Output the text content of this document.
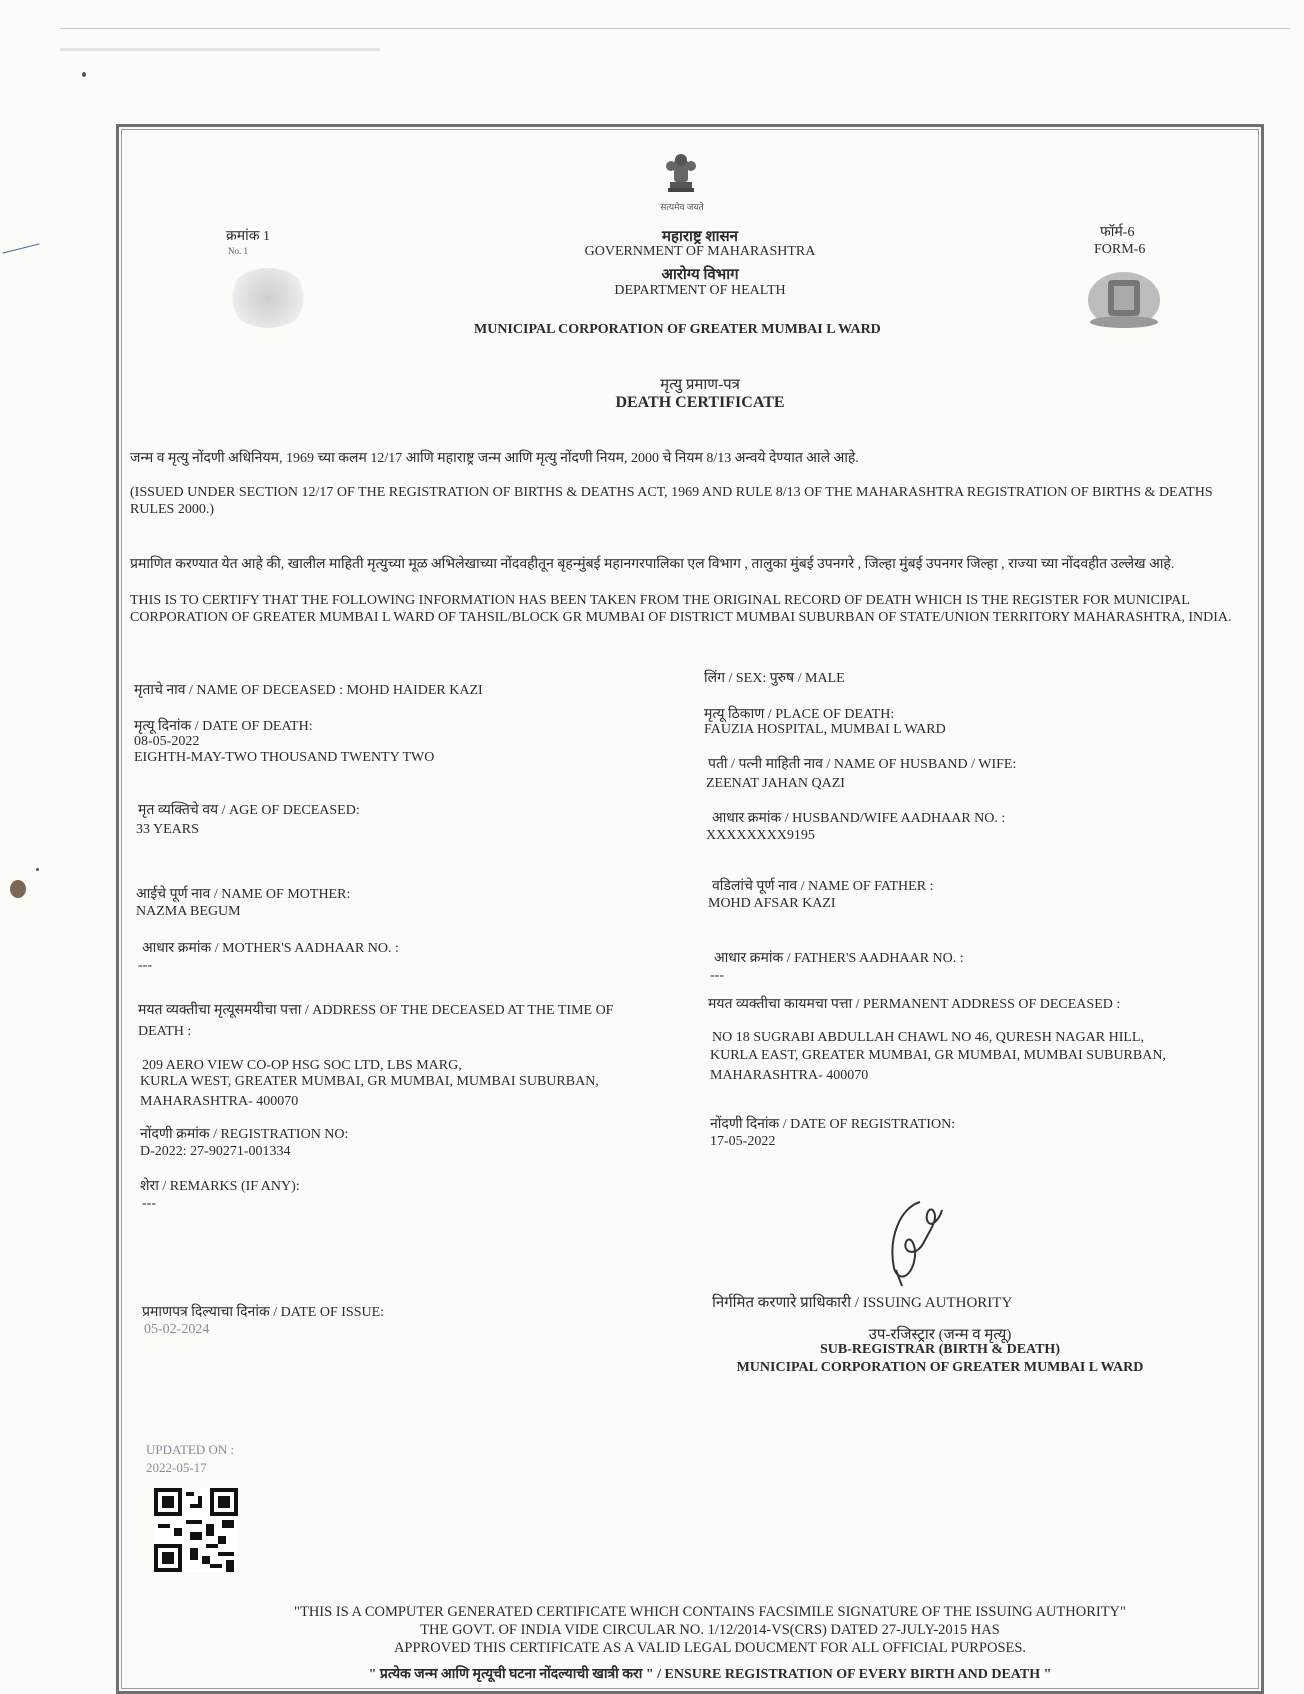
सत्यमेव जयते
क्रमांक 1
No. 1
फॉर्म-6
FORM-6
महाराष्ट्र शासन
GOVERNMENT OF MAHARASHTRA
आरोग्य विभाग
DEPARTMENT OF HEALTH
MUNICIPAL CORPORATION OF GREATER MUMBAI L WARD
मृत्यु प्रमाण-पत्र
DEATH CERTIFICATE
जन्म व मृत्यु नोंदणी अधिनियम, 1969 च्या कलम 12/17 आणि महाराष्ट्र जन्म आणि मृत्यु नोंदणी नियम, 2000 चे नियम 8/13 अन्वये देण्यात आले आहे.
(ISSUED UNDER SECTION 12/17 OF THE REGISTRATION OF BIRTHS & DEATHS ACT, 1969 AND RULE 8/13 OF THE MAHARASHTRA REGISTRATION OF BIRTHS & DEATHS RULES 2000.)
प्रमाणित करण्यात येत आहे की, खालील माहिती मृत्युच्या मूळ अभिलेखाच्या नोंदवहीतून बृहन्मुंबई महानगरपालिका एल विभाग , तालुका मुंबई उपनगरे , जिल्हा मुंबई उपनगर जिल्हा , राज्या च्या नोंदवहीत उल्लेख आहे.
THIS IS TO CERTIFY THAT THE FOLLOWING INFORMATION HAS BEEN TAKEN FROM THE ORIGINAL RECORD OF DEATH WHICH IS THE REGISTER FOR MUNICIPAL CORPORATION OF GREATER MUMBAI L WARD OF TAHSIL/BLOCK GR MUMBAI OF DISTRICT MUMBAI SUBURBAN OF STATE/UNION TERRITORY MAHARASHTRA, INDIA.
मृताचे नाव / NAME OF DECEASED : MOHD HAIDER KAZI
मृत्यू दिनांक / DATE OF DEATH:
08-05-2022
EIGHTH-MAY-TWO THOUSAND TWENTY TWO
मृत व्यक्तिचे वय / AGE OF DECEASED:
33 YEARS
आईचे पूर्ण नाव / NAME OF MOTHER:
NAZMA BEGUM
आधार क्रमांक / MOTHER'S AADHAAR NO. :
---
मयत व्यक्तीचा मृत्यूसमयीचा पत्ता / ADDRESS OF THE DECEASED AT THE TIME OF
DEATH :
209 AERO VIEW CO-OP HSG SOC LTD, LBS MARG,
KURLA WEST, GREATER MUMBAI, GR MUMBAI, MUMBAI SUBURBAN,
MAHARASHTRA- 400070
नोंदणी क्रमांक / REGISTRATION NO:
D-2022: 27-90271-001334
शेरा / REMARKS (IF ANY):
---
प्रमाणपत्र दिल्याचा दिनांक / DATE OF ISSUE:
05-02-2024
लिंग / SEX: पुरुष / MALE
मृत्यू ठिकाण / PLACE OF DEATH:
FAUZIA HOSPITAL, MUMBAI L WARD
पती / पत्नी माहिती नाव / NAME OF HUSBAND / WIFE:
ZEENAT JAHAN QAZI
आधार क्रमांक / HUSBAND/WIFE AADHAAR NO. :
XXXXXXXX9195
वडिलांचे पूर्ण नाव / NAME OF FATHER :
MOHD AFSAR KAZI
आधार क्रमांक / FATHER'S AADHAAR NO. :
---
मयत व्यक्तीचा कायमचा पत्ता / PERMANENT ADDRESS OF DECEASED :
NO 18 SUGRABI ABDULLAH CHAWL NO 46, QURESH NAGAR HILL,
KURLA EAST, GREATER MUMBAI, GR MUMBAI, MUMBAI SUBURBAN,
MAHARASHTRA- 400070
नोंदणी दिनांक / DATE OF REGISTRATION:
17-05-2022
निर्गमित करणारे प्राधिकारी / ISSUING AUTHORITY
उप-रजिस्ट्रार (जन्म व मृत्यू)
SUB-REGISTRAR (BIRTH & DEATH)
MUNICIPAL CORPORATION OF GREATER MUMBAI L WARD
UPDATED ON :
2022-05-17
"THIS IS A COMPUTER GENERATED CERTIFICATE WHICH CONTAINS FACSIMILE SIGNATURE OF THE ISSUING AUTHORITY"
THE GOVT. OF INDIA VIDE CIRCULAR NO. 1/12/2014-VS(CRS) DATED 27-JULY-2015 HAS
APPROVED THIS CERTIFICATE AS A VALID LEGAL DOUCMENT FOR ALL OFFICIAL PURPOSES.
" प्रत्येक जन्म आणि मृत्यूची घटना नोंदल्याची खात्री करा " / ENSURE REGISTRATION OF EVERY BIRTH AND DEATH "
